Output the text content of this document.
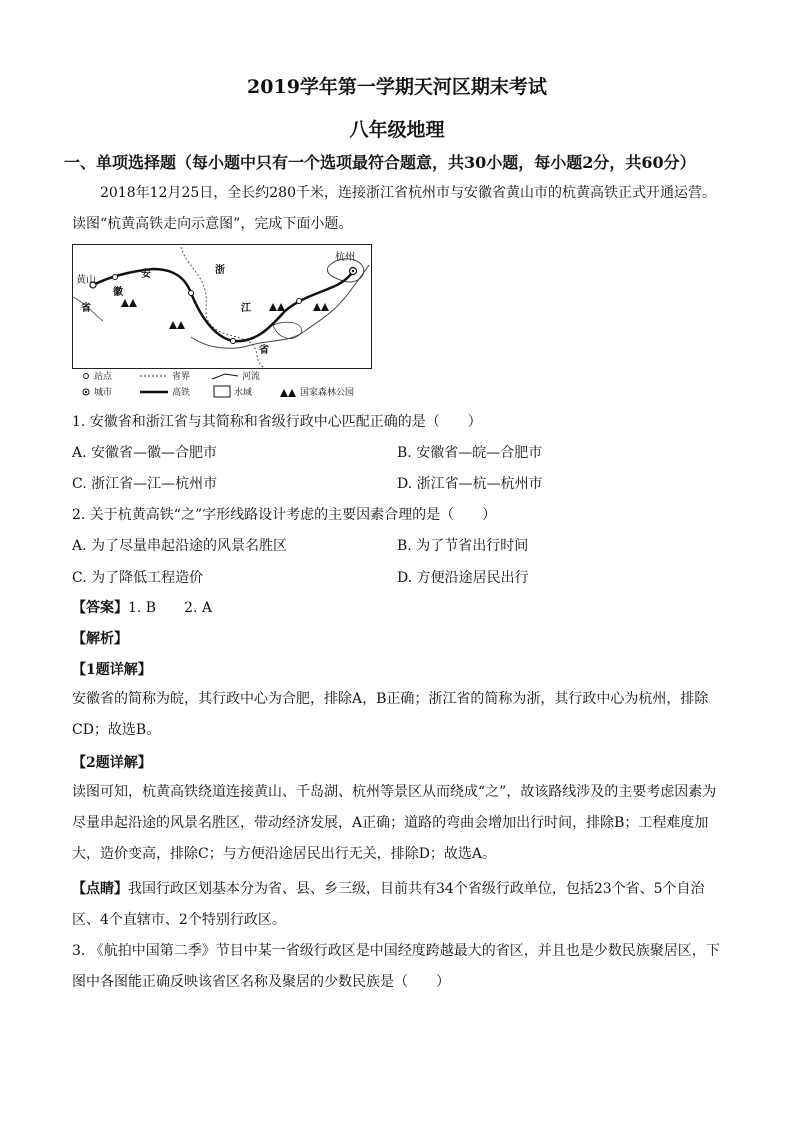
2019学年第一学期天河区期末考试
八年级地理
一、单项选择题（每小题中只有一个选项最符合题意，共30小题，每小题2分，共60分）
2018年12月25日，全长约280千米，连接浙江省杭州市与安徽省黄山市的杭黄高铁正式开通运营。读图“杭黄高铁走向示意图”，完成下面小题。
杭州
黄山
安
徽
省
浙
江
省
站点	省界	河流
城市	高铁	水域	国家森林公园
1. 安徽省和浙江省与其简称和省级行政中心匹配正确的是（　　）
A. 安徽省—徽—合肥市	B. 安徽省—皖—合肥市
C. 浙江省—江—杭州市	D. 浙江省—杭—杭州市
2. 关于杭黄高铁“之”字形线路设计考虑的主要因素合理的是（　　）
A. 为了尽量串起沿途的风景名胜区	B. 为了节省出行时间
C. 为了降低工程造价	D. 方便沿途居民出行
【答案】1. B　　2. A
【解析】
【1题详解】
安徽省的简称为皖，其行政中心为合肥，排除A，B正确；浙江省的简称为浙，其行政中心为杭州，排除CD；故选B。
【2题详解】
读图可知，杭黄高铁绕道连接黄山、千岛湖、杭州等景区从而绕成“之”，故该路线涉及的主要考虑因素为尽量串起沿途的风景名胜区，带动经济发展，A正确；道路的弯曲会增加出行时间，排除B；工程难度加大，造价变高，排除C；与方便沿途居民出行无关，排除D；故选A。
【点睛】我国行政区划基本分为省、县、乡三级，目前共有34个省级行政单位，包括23个省、5个自治区、4个直辖市、2个特别行政区。
3. 《航拍中国第二季》节目中某一省级行政区是中国经度跨越最大的省区，并且也是少数民族聚居区，下图中各图能正确反映该省区名称及聚居的少数民族是（　　）
